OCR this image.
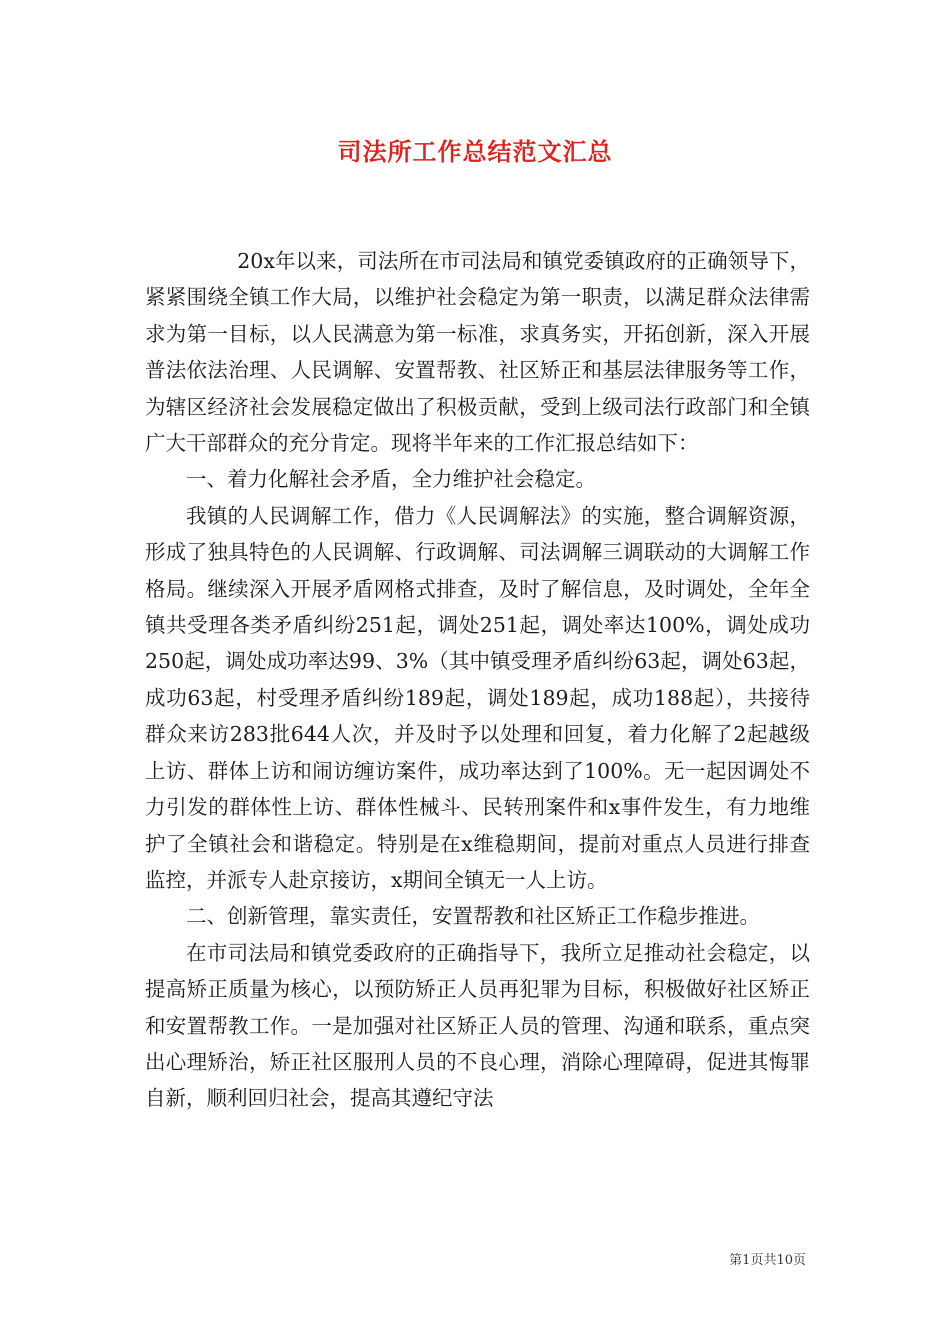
司法所工作总结范文汇总

20x年以来，司法所在市司法局和镇党委镇政府的正确领导下，紧紧围绕全镇工作大局，以维护社会稳定为第一职责，以满足群众法律需求为第一目标，以人民满意为第一标准，求真务实，开拓创新，深入开展普法依法治理、人民调解、安置帮教、社区矫正和基层法律服务等工作，为辖区经济社会发展稳定做出了积极贡献，受到上级司法行政部门和全镇广大干部群众的充分肯定。现将半年来的工作汇报总结如下：

一、着力化解社会矛盾，全力维护社会稳定。

我镇的人民调解工作，借力《人民调解法》的实施，整合调解资源，形成了独具特色的人民调解、行政调解、司法调解三调联动的大调解工作格局。继续深入开展矛盾网格式排查，及时了解信息，及时调处，全年全镇共受理各类矛盾纠纷251起，调处251起，调处率达100%，调处成功250起，调处成功率达99、3%（其中镇受理矛盾纠纷63起，调处63起，成功63起，村受理矛盾纠纷189起，调处189起，成功188起），共接待群众来访283批644人次，并及时予以处理和回复，着力化解了2起越级上访、群体上访和闹访缠访案件，成功率达到了100%。无一起因调处不力引发的群体性上访、群体性械斗、民转刑案件和x事件发生，有力地维护了全镇社会和谐稳定。特别是在x维稳期间，提前对重点人员进行排查监控，并派专人赴京接访，x期间全镇无一人上访。

二、创新管理，靠实责任，安置帮教和社区矫正工作稳步推进。

在市司法局和镇党委政府的正确指导下，我所立足推动社会稳定，以提高矫正质量为核心，以预防矫正人员再犯罪为目标，积极做好社区矫正和安置帮教工作。一是加强对社区矫正人员的管理、沟通和联系，重点突出心理矫治，矫正社区服刑人员的不良心理，消除心理障碍，促进其悔罪自新，顺利回归社会，提高其遵纪守法

第1页共10页
